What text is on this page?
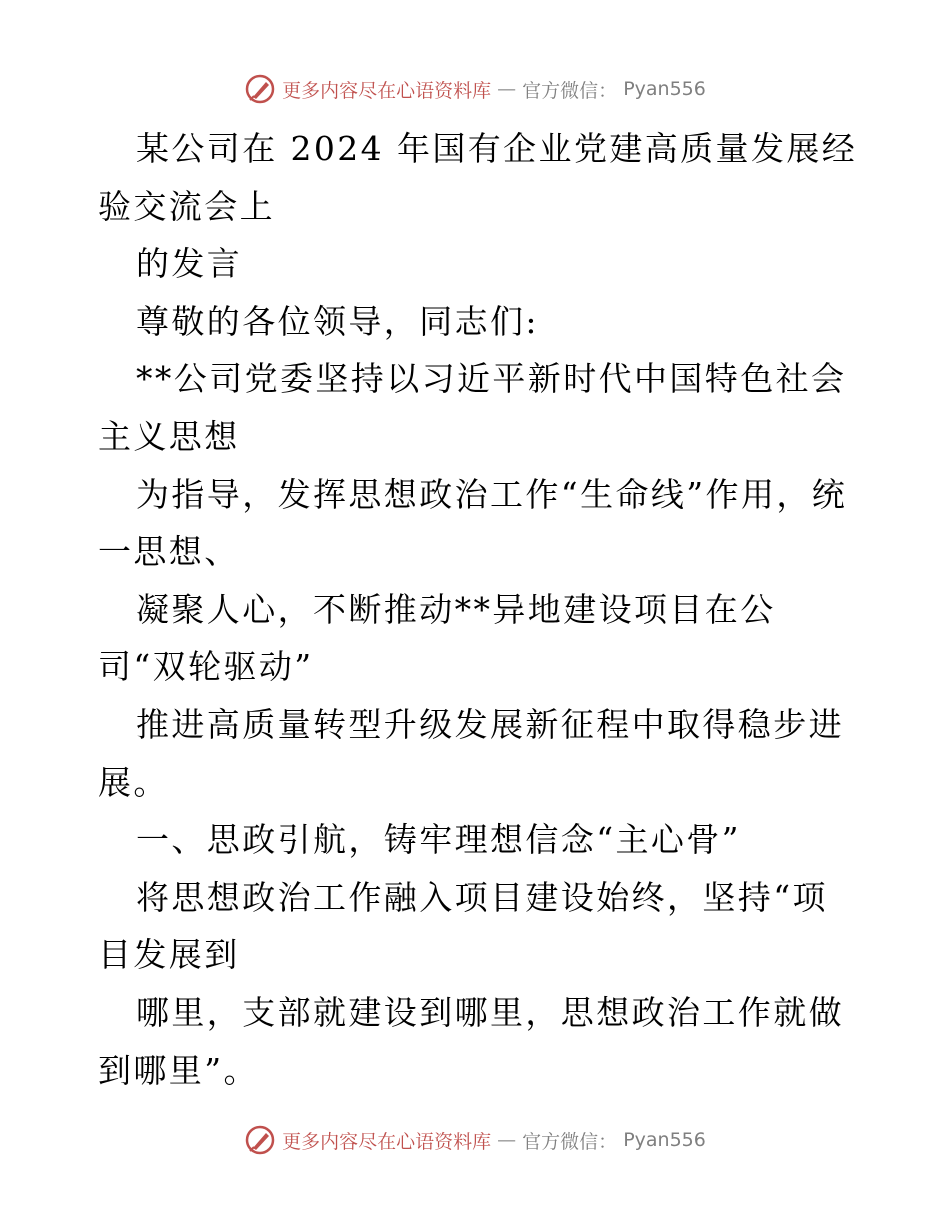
更多内容尽在心语资料库 — 官方微信： Pyan556

某公司在 2024 年国有企业党建高质量发展经验交流会上

的发言

尊敬的各位领导，同志们:

**公司党委坚持以习近平新时代中国特色社会主义思想

为指导，发挥思想政治工作“生命线”作用，统一思想、

凝聚人心，不断推动**异地建设项目在公司“双轮驱动”

推进高质量转型升级发展新征程中取得稳步进展。

一、思政引航，铸牢理想信念“主心骨”

将思想政治工作融入项目建设始终，坚持“项目发展到

哪里，支部就建设到哪里，思想政治工作就做到哪里”。

更多内容尽在心语资料库 — 官方微信： Pyan556
